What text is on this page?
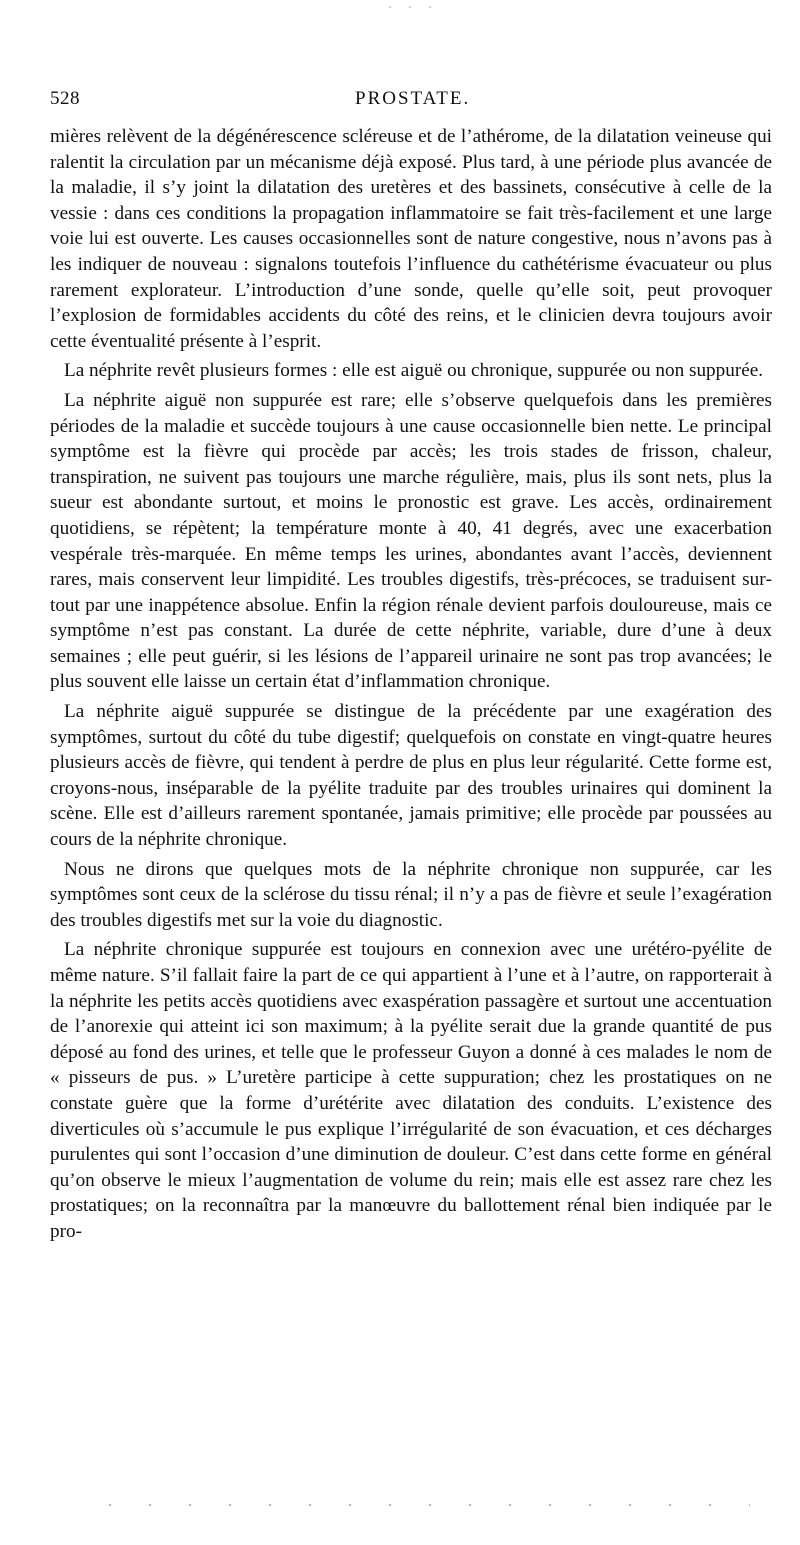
528	PROSTATE.

mières relèvent de la dégénérescence scléreuse et de l’athérome, de la dilatation veineuse qui ralentit la circulation par un mécanisme déjà exposé. Plus tard, à une période plus avancée de la maladie, il s’y joint la dilatation des uretères et des bassinets, consécutive à celle de la vessie : dans ces conditions la propagation inflammatoire se fait très-facilement et une large voie lui est ouverte. Les causes occasionnelles sont de nature congestive, nous n’avons pas à les indiquer de nouveau : signalons toutefois l’influence du cathétérisme évacuateur ou plus rarement explorateur. L’introduction d’une sonde, quelle qu’elle soit, peut provoquer l’explosion de formidables accidents du côté des reins, et le clinicien devra toujours avoir cette éventualité présente à l’esprit.

La néphrite revêt plusieurs formes : elle est aiguë ou chronique, suppurée ou non suppurée.

La néphrite aiguë non suppurée est rare; elle s’observe quelquefois dans les premières périodes de la maladie et succède toujours à une cause occasionnelle bien nette. Le principal symptôme est la fièvre qui procède par accès; les trois stades de frisson, chaleur, transpiration, ne suivent pas toujours une marche régulière, mais, plus ils sont nets, plus la sueur est abondante surtout, et moins le pronostic est grave. Les accès, ordinairement quotidiens, se répètent; la température monte à 40, 41 degrés, avec une exacerbation vespérale très-marquée. En même temps les urines, abondantes avant l’accès, deviennent rares, mais conservent leur limpidité. Les troubles digestifs, très-précoces, se traduisent surtout par une inappétence absolue. Enfin la région rénale devient parfois douloureuse, mais ce symptôme n’est pas constant. La durée de cette néphrite, variable, dure d’une à deux semaines ; elle peut guérir, si les lésions de l’appareil urinaire ne sont pas trop avancées; le plus souvent elle laisse un certain état d’inflammation chronique.

La néphrite aiguë suppurée se distingue de la précédente par une exagération des symptômes, surtout du côté du tube digestif; quelquefois on constate en vingt-quatre heures plusieurs accès de fièvre, qui tendent à perdre de plus en plus leur régularité. Cette forme est, croyons-nous, inséparable de la pyélite traduite par des troubles urinaires qui dominent la scène. Elle est d’ailleurs rarement spontanée, jamais primitive; elle procède par poussées au cours de la néphrite chronique.

Nous ne dirons que quelques mots de la néphrite chronique non suppurée, car les symptômes sont ceux de la sclérose du tissu rénal; il n’y a pas de fièvre et seule l’exagération des troubles digestifs met sur la voie du diagnostic.

La néphrite chronique suppurée est toujours en connexion avec une urétéro-pyélite de même nature. S’il fallait faire la part de ce qui appartient à l’une et à l’autre, on rapporterait à la néphrite les petits accès quotidiens avec exaspération passagère et surtout une accentuation de l’anorexie qui atteint ici son maximum; à la pyélite serait due la grande quantité de pus déposé au fond des urines, et telle que le professeur Guyon a donné à ces malades le nom de « pisseurs de pus. » L’uretère participe à cette suppuration; chez les prostatiques on ne constate guère que la forme d’urétérite avec dilatation des conduits. L’existence des diverticules où s’accumule le pus explique l’irrégularité de son évacuation, et ces décharges purulentes qui sont l’occasion d’une diminution de douleur. C’est dans cette forme en général qu’on observe le mieux l’augmentation de volume du rein; mais elle est assez rare chez les prostatiques; on la reconnaîtra par la manœuvre du ballottement rénal bien indiquée par le pro-
